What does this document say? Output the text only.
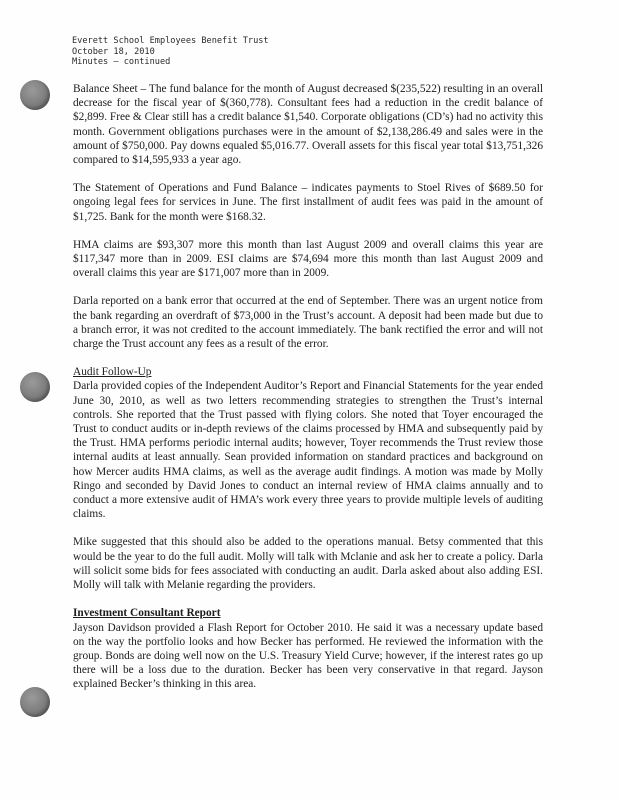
Everett School Employees Benefit Trust
October 18, 2010
Minutes – continued

Balance Sheet – The fund balance for the month of August decreased $(235,522) resulting in an overall decrease for the fiscal year of $(360,778). Consultant fees had a reduction in the credit balance of $2,899. Free & Clear still has a credit balance $1,540. Corporate obligations (CD’s) had no activity this month. Government obligations purchases were in the amount of $2,138,286.49 and sales were in the amount of $750,000. Pay downs equaled $5,016.77. Overall assets for this fiscal year total $13,751,326 compared to $14,595,933 a year ago.

The Statement of Operations and Fund Balance – indicates payments to Stoel Rives of $689.50 for ongoing legal fees for services in June. The first installment of audit fees was paid in the amount of $1,725. Bank for the month were $168.32.

HMA claims are $93,307 more this month than last August 2009 and overall claims this year are $117,347 more than in 2009. ESI claims are $74,694 more this month than last August 2009 and overall claims this year are $171,007 more than in 2009.

Darla reported on a bank error that occurred at the end of September. There was an urgent notice from the bank regarding an overdraft of $73,000 in the Trust’s account. A deposit had been made but due to a branch error, it was not credited to the account immediately. The bank rectified the error and will not charge the Trust account any fees as a result of the error.

Audit Follow-Up
Darla provided copies of the Independent Auditor’s Report and Financial Statements for the year ended June 30, 2010, as well as two letters recommending strategies to strengthen the Trust’s internal controls. She reported that the Trust passed with flying colors. She noted that Toyer encouraged the Trust to conduct audits or in-depth reviews of the claims processed by HMA and subsequently paid by the Trust. HMA performs periodic internal audits; however, Toyer recommends the Trust review those internal audits at least annually. Sean provided information on standard practices and background on how Mercer audits HMA claims, as well as the average audit findings. A motion was made by Molly Ringo and seconded by David Jones to conduct an internal review of HMA claims annually and to conduct a more extensive audit of HMA’s work every three years to provide multiple levels of auditing claims.

Mike suggested that this should also be added to the operations manual. Betsy commented that this would be the year to do the full audit. Molly will talk with Mclanie and ask her to create a policy. Darla will solicit some bids for fees associated with conducting an audit. Darla asked about also adding ESI. Molly will talk with Melanie regarding the providers.

Investment Consultant Report
Jayson Davidson provided a Flash Report for October 2010. He said it was a necessary update based on the way the portfolio looks and how Becker has performed. He reviewed the information with the group. Bonds are doing well now on the U.S. Treasury Yield Curve; however, if the interest rates go up there will be a loss due to the duration. Becker has been very conservative in that regard. Jayson explained Becker’s thinking in this area.
